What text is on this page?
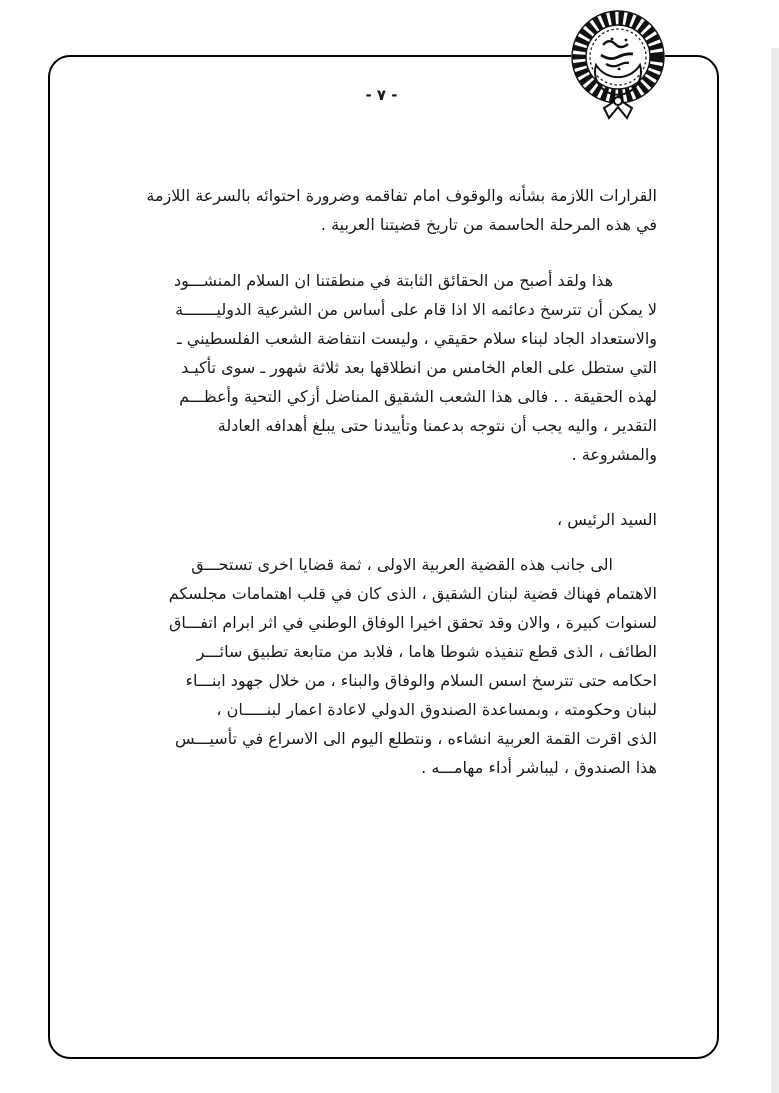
- ٧ -
القرارات اللازمة بشأنه والوقوف امام تفاقمه وضرورة احتوائه بالسرعة اللازمة
في هذه المرحلة الحاسمة من تاريخ قضيتنا العربية .
هذا ولقد أصبح من الحقائق الثابتة في منطقتنا ان السلام المنشـــود
لا يمكن أن تترسخ دعائمه الا اذا قام على أساس من الشرعية الدوليـــــــة
والاستعداد الجاد لبناء سلام حقيقي ، وليست انتفاضة الشعب الفلسطيني ـ
التي ستطل على العام الخامس من انطلاقها بعد ثلاثة شهور ـ سوى تأكيـد
لهذه الحقيقة . . فالى هذا الشعب الشقيق المناضل أزكي التحية وأعظـــم
التقدير ، واليه يجب أن نتوجه بدعمنا وتأييدنا حتى يبلغ أهدافه العادلة
والمشروعة .
السيد الرئيس ،
الى جانب هذه القضية العربية الاولى ، ثمة قضايا اخرى تستحـــق
الاهتمام فهناك قضية لبنان الشقيق ، الذى كان في قلب اهتمامات مجلسكم
لسنوات كبيرة ، والان وقد تحقق اخيرا الوفاق الوطني في اثر ابرام اتفـــاق
الطائف ، الذى قطع تنفيذه شوطا هاما ، فلابد من متابعة تطبيق سائـــر
احكامه حتى تترسخ اسس السلام والوفاق والبناء ، من خلال جهود ابنـــاء
لبنان وحكومته ، وبمساعدة الصندوق الدولي لاعادة اعمار لبنـــــان ،
الذى اقرت القمة العربية انشاءه ، ونتطلع اليوم الى الاسراع في تأسيـــس
هذا الصندوق ، ليباشر أداء مهامـــه .
